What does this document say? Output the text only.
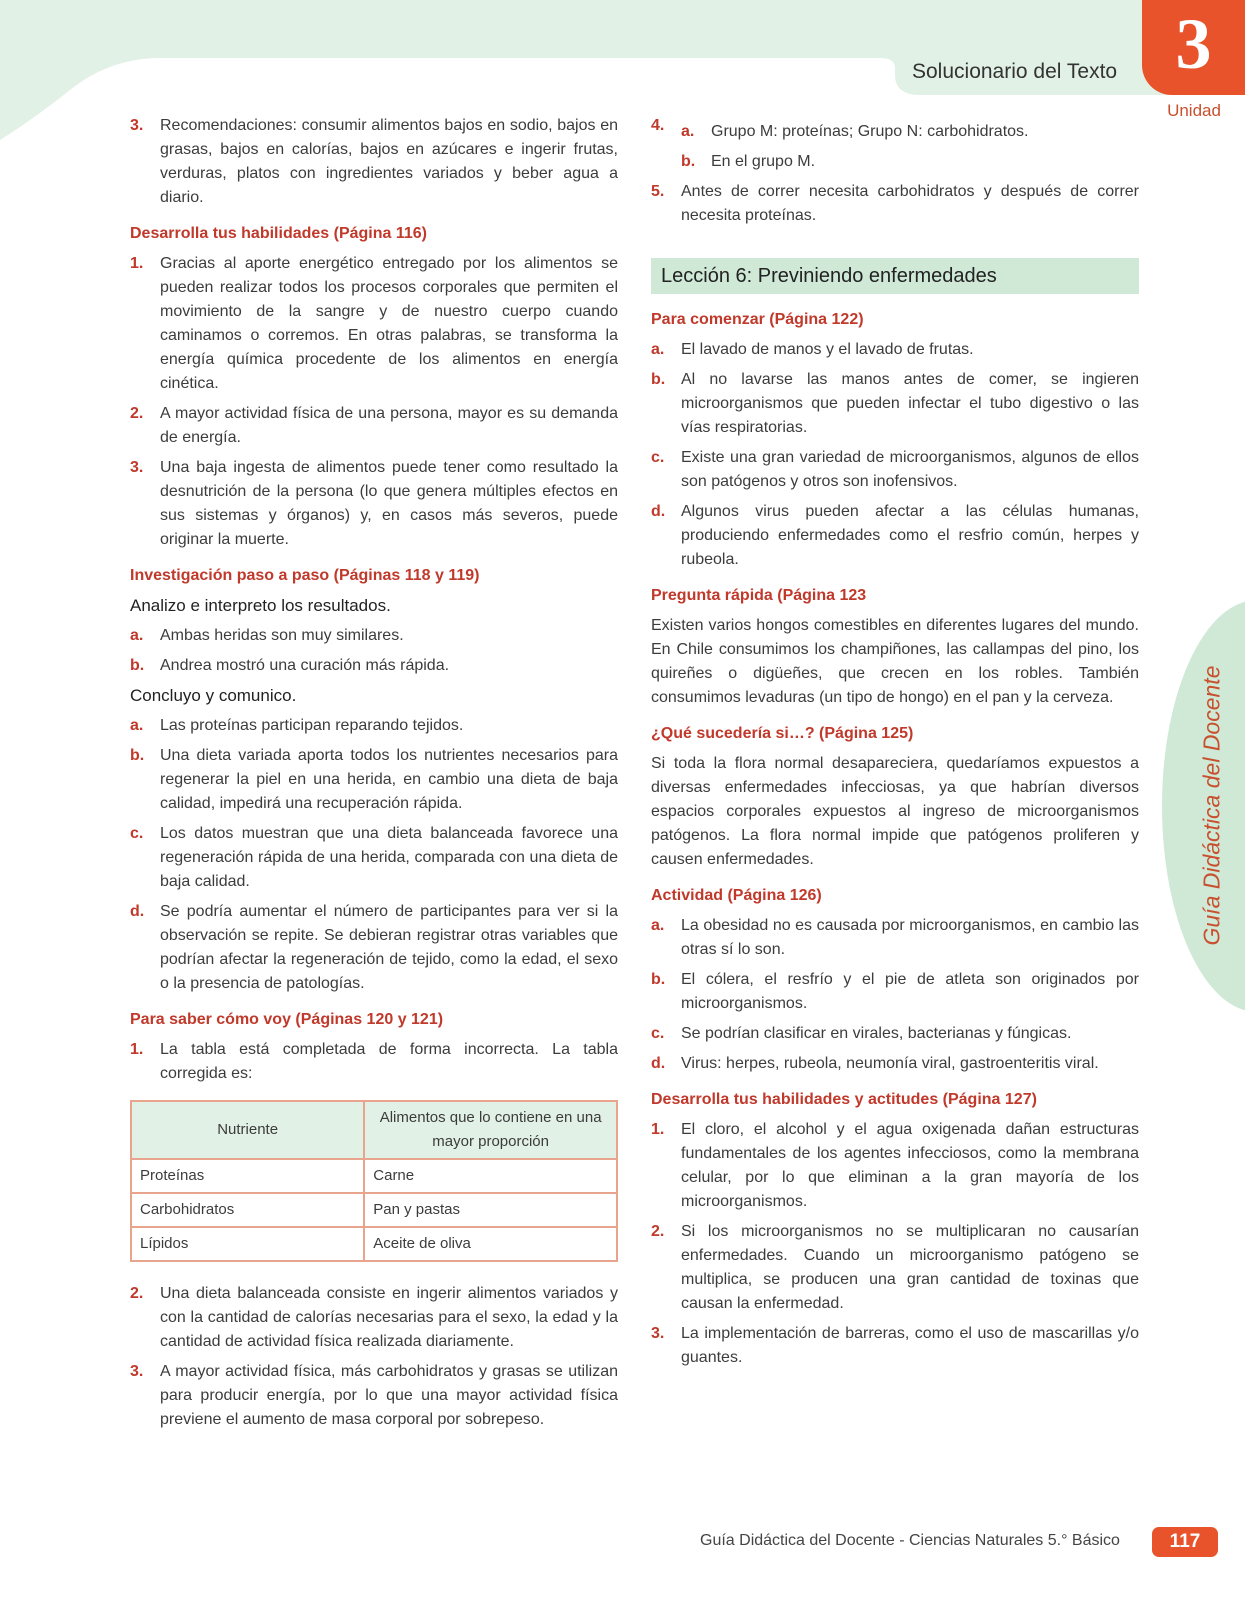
Solucionario del Texto 3
Unidad
Guía Didáctica del Docente
3. Recomendaciones: consumir alimentos bajos en sodio, bajos en grasas, bajos en calorías, bajos en azúcares e ingerir frutas, verduras, platos con ingredientes variados y beber agua a diario.
Desarrolla tus habilidades (Página 116)
1. Gracias al aporte energético entregado por los alimentos se pueden realizar todos los procesos corporales que permiten el movimiento de la sangre y de nuestro cuerpo cuando caminamos o corremos. En otras palabras, se transforma la energía química procedente de los alimentos en energía cinética.
2. A mayor actividad física de una persona, mayor es su demanda de energía.
3. Una baja ingesta de alimentos puede tener como resultado la desnutrición de la persona (lo que genera múltiples efectos en sus sistemas y órganos) y, en casos más severos, puede originar la muerte.
Investigación paso a paso (Páginas 118 y 119)
Analizo e interpreto los resultados.
a. Ambas heridas son muy similares.
b. Andrea mostró una curación más rápida.
Concluyo y comunico.
a. Las proteínas participan reparando tejidos.
b. Una dieta variada aporta todos los nutrientes necesarios para regenerar la piel en una herida, en cambio una dieta de baja calidad, impedirá una recuperación rápida.
c. Los datos muestran que una dieta balanceada favorece una regeneración rápida de una herida, comparada con una dieta de baja calidad.
d. Se podría aumentar el número de participantes para ver si la observación se repite. Se debieran registrar otras variables que podrían afectar la regeneración de tejido, como la edad, el sexo o la presencia de patologías.
Para saber cómo voy (Páginas 120 y 121)
1. La tabla está completada de forma incorrecta. La tabla corregida es:
Nutriente	Alimentos que lo contiene en una mayor proporción
Proteínas	Carne
Carbohidratos	Pan y pastas
Lípidos	Aceite de oliva
2. Una dieta balanceada consiste en ingerir alimentos variados y con la cantidad de calorías necesarias para el sexo, la edad y la cantidad de actividad física realizada diariamente.
3. A mayor actividad física, más carbohidratos y grasas se utilizan para producir energía, por lo que una mayor actividad física previene el aumento de masa corporal por sobrepeso.
4. a. Grupo M: proteínas; Grupo N: carbohidratos.
b. En el grupo M.
5. Antes de correr necesita carbohidratos y después de correr necesita proteínas.
Lección 6: Previniendo enfermedades
Para comenzar (Página 122)
a. El lavado de manos y el lavado de frutas.
b. Al no lavarse las manos antes de comer, se ingieren microorganismos que pueden infectar el tubo digestivo o las vías respiratorias.
c. Existe una gran variedad de microorganismos, algunos de ellos son patógenos y otros son inofensivos.
d. Algunos virus pueden afectar a las células humanas, produciendo enfermedades como el resfrio común, herpes y rubeola.
Pregunta rápida (Página 123
Existen varios hongos comestibles en diferentes lugares del mundo. En Chile consumimos los champiñones, las callampas del pino, los quireñes o digüeñes, que crecen en los robles. También consumimos levaduras (un tipo de hongo) en el pan y la cerveza.
¿Qué sucedería si…? (Página 125)
Si toda la flora normal desapareciera, quedaríamos expuestos a diversas enfermedades infecciosas, ya que habrían diversos espacios corporales expuestos al ingreso de microorganismos patógenos. La flora normal impide que patógenos proliferen y causen enfermedades.
Actividad (Página 126)
a. La obesidad no es causada por microorganismos, en cambio las otras sí lo son.
b. El cólera, el resfrío y el pie de atleta son originados por microorganismos.
c. Se podrían clasificar en virales, bacterianas y fúngicas.
d. Virus: herpes, rubeola, neumonía viral, gastroenteritis viral.
Desarrolla tus habilidades y actitudes (Página 127)
1. El cloro, el alcohol y el agua oxigenada dañan estructuras fundamentales de los agentes infecciosos, como la membrana celular, por lo que eliminan a la gran mayoría de los microorganismos.
2. Si los microorganismos no se multiplicaran no causarían enfermedades. Cuando un microorganismo patógeno se multiplica, se producen una gran cantidad de toxinas que causan la enfermedad.
3. La implementación de barreras, como el uso de mascarillas y/o guantes.
Guía Didáctica del Docente - Ciencias Naturales 5.° Básico	117
